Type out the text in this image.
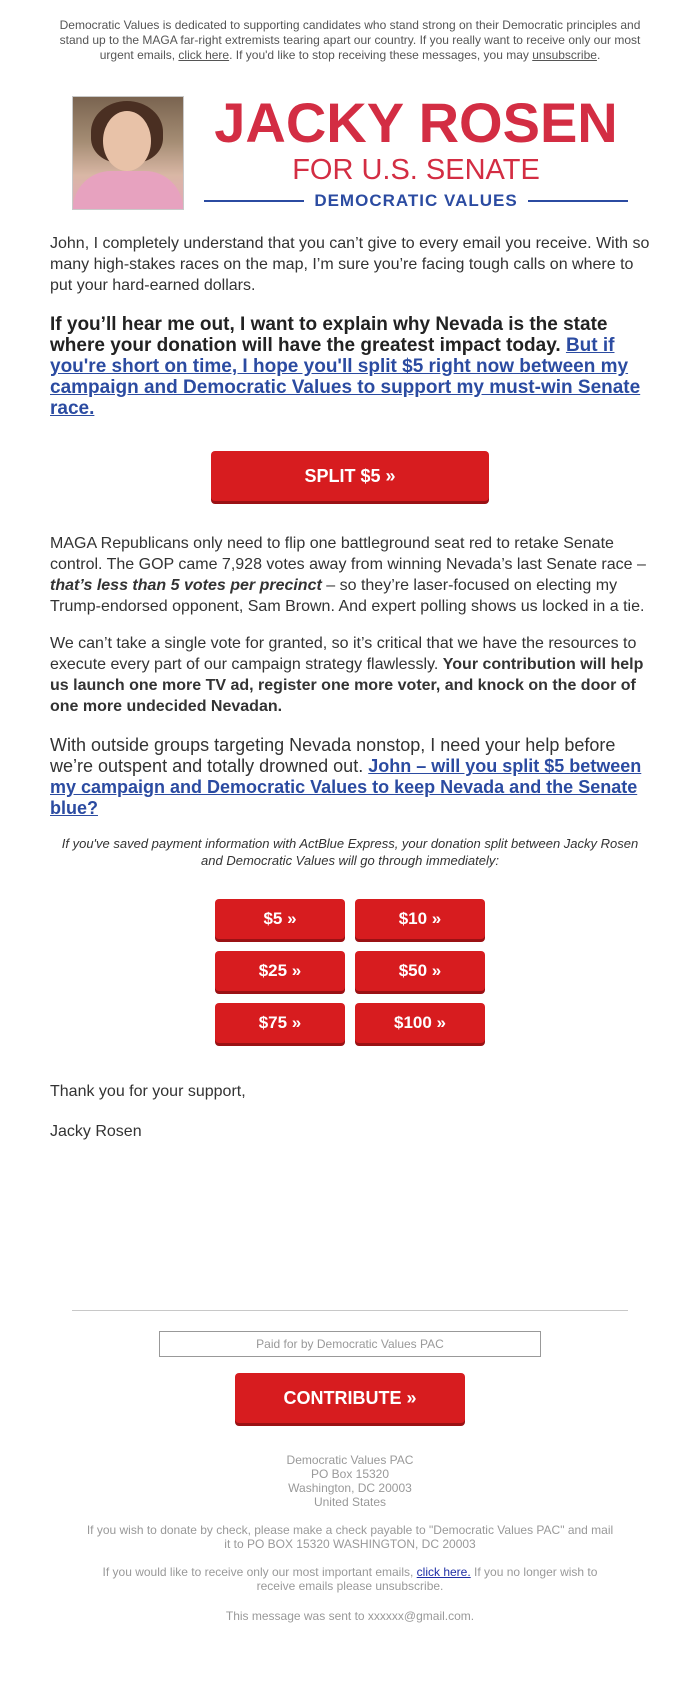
Democratic Values is dedicated to supporting candidates who stand strong on their Democratic principles and stand up to the MAGA far-right extremists tearing apart our country. If you really want to receive only our most urgent emails, click here. If you'd like to stop receiving these messages, you may unsubscribe.
JACKY ROSEN
FOR U.S. SENATE
DEMOCRATIC VALUES

John, I completely understand that you can’t give to every email you receive. With so many high-stakes races on the map, I’m sure you’re facing tough calls on where to put your hard-earned dollars.

If you’ll hear me out, I want to explain why Nevada is the state where your donation will have the greatest impact today. But if you're short on time, I hope you'll split $5 right now between my campaign and Democratic Values to support my must-win Senate race.

SPLIT $5 »

MAGA Republicans only need to flip one battleground seat red to retake Senate control. The GOP came 7,928 votes away from winning Nevada’s last Senate race – that’s less than 5 votes per precinct – so they’re laser-focused on electing my Trump-endorsed opponent, Sam Brown. And expert polling shows us locked in a tie.

We can’t take a single vote for granted, so it’s critical that we have the resources to execute every part of our campaign strategy flawlessly. Your contribution will help us launch one more TV ad, register one more voter, and knock on the door of one more undecided Nevadan.

With outside groups targeting Nevada nonstop, I need your help before we’re outspent and totally drowned out. John – will you split $5 between my campaign and Democratic Values to keep Nevada and the Senate blue?

If you've saved payment information with ActBlue Express, your donation split between Jacky Rosen and Democratic Values will go through immediately:

$5 »	$10 »
$25 »	$50 »
$75 »	$100 »

Thank you for your support,

Jacky Rosen

Paid for by Democratic Values PAC
CONTRIBUTE »
Democratic Values PAC
PO Box 15320
Washington, DC 20003
United States

If you wish to donate by check, please make a check payable to "Democratic Values PAC" and mail it to PO BOX 15320 WASHINGTON, DC 20003

If you would like to receive only our most important emails, click here. If you no longer wish to receive emails please unsubscribe.

This message was sent to xxxxxx@gmail.com.
